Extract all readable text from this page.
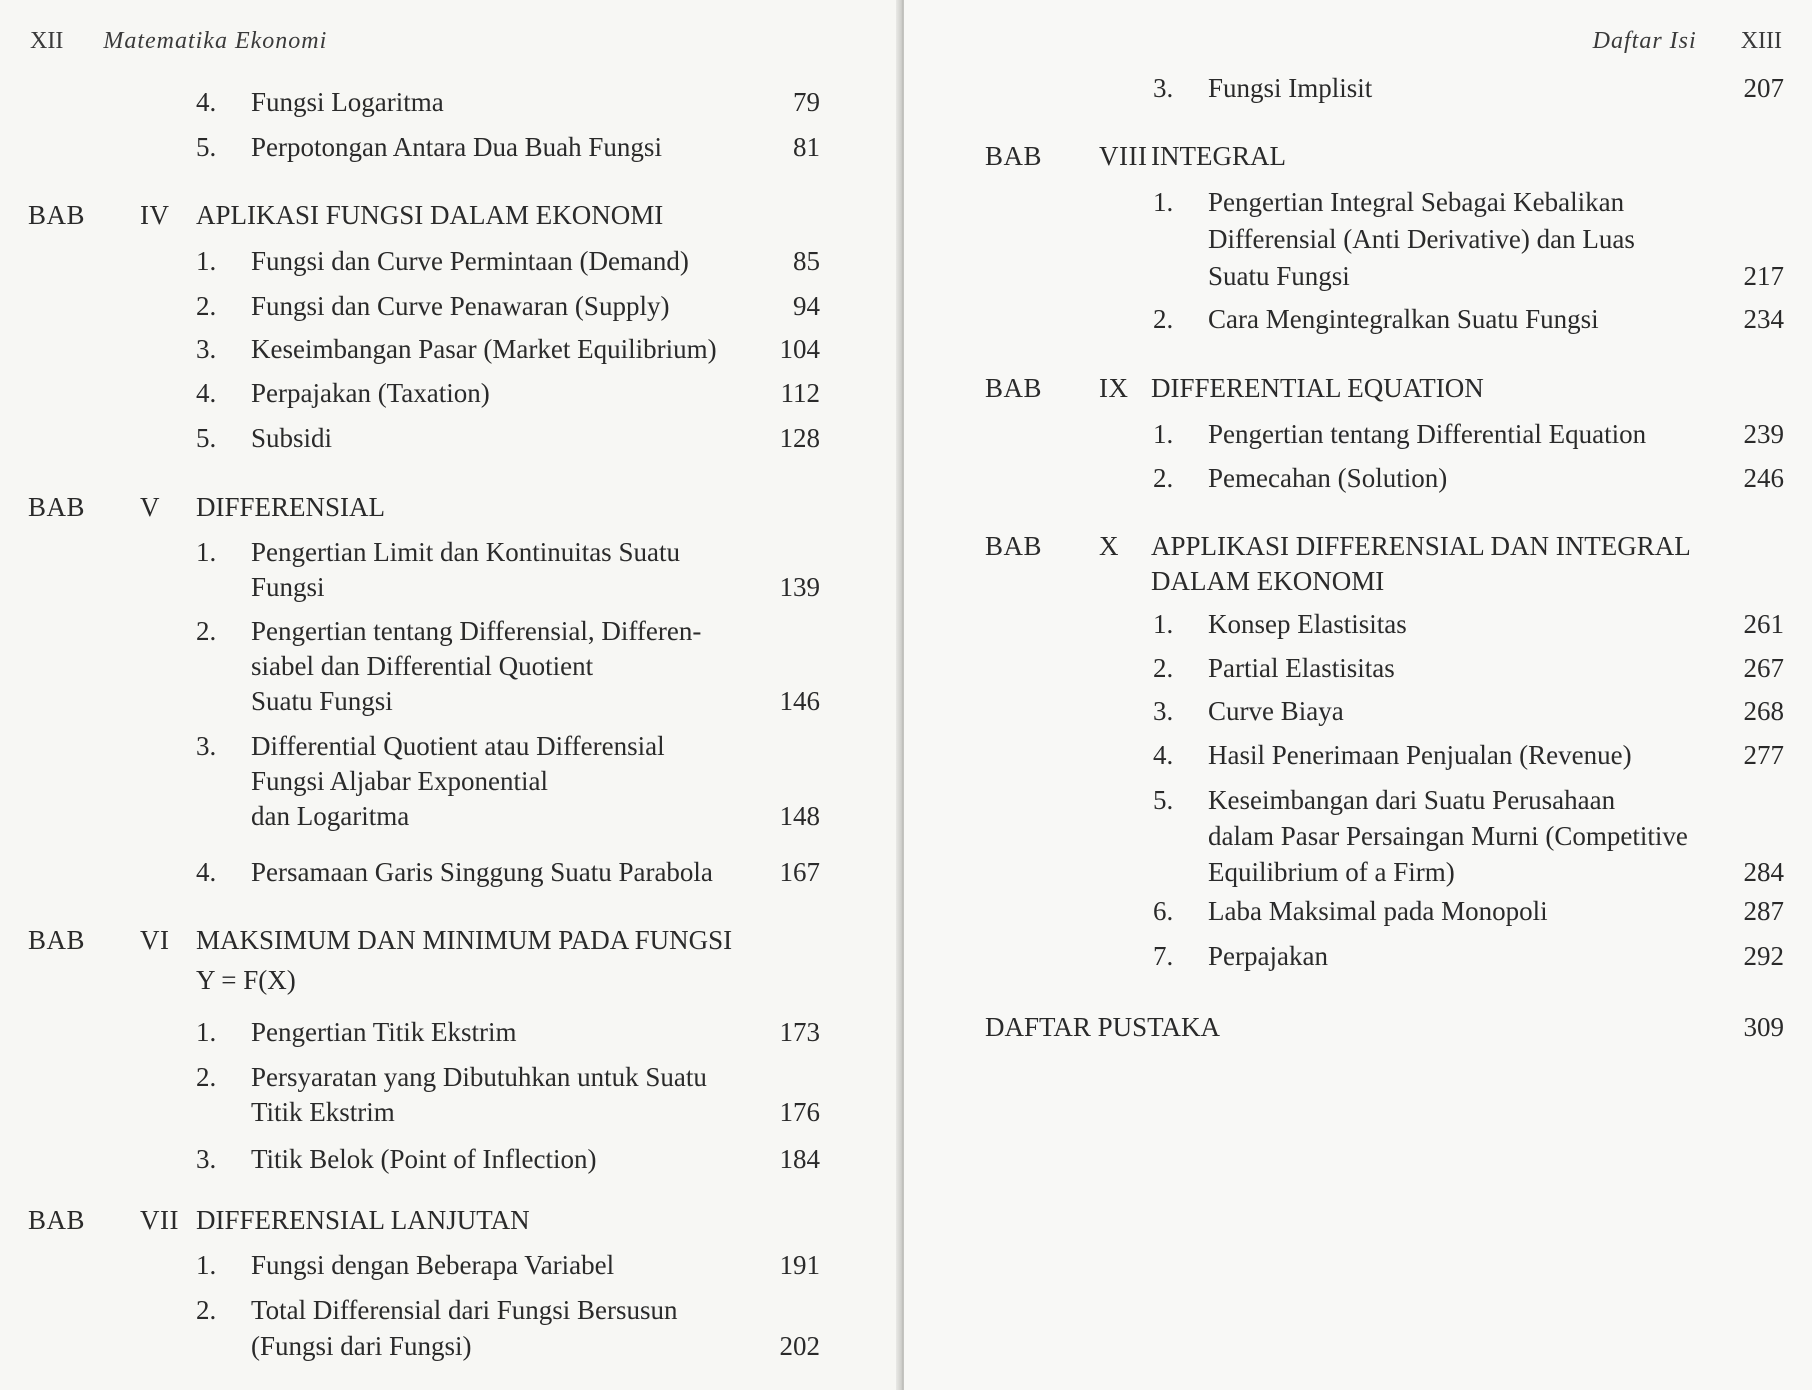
XII Matematika Ekonomi
4. Fungsi Logaritma	79
5. Perpotongan Antara Dua Buah Fungsi	81
BAB IV APLIKASI FUNGSI DALAM EKONOMI
1. Fungsi dan Curve Permintaan (Demand)	85
2. Fungsi dan Curve Penawaran (Supply)	94
3. Keseimbangan Pasar (Market Equilibrium)	104
4. Perpajakan (Taxation)	112
5. Subsidi	128
BAB V DIFFERENSIAL
1. Pengertian Limit dan Kontinuitas Suatu
Fungsi	139
2. Pengertian tentang Differensial, Differen-
siabel dan Differential Quotient
Suatu Fungsi	146
3. Differential Quotient atau Differensial
Fungsi Aljabar Exponential
dan Logaritma	148
4. Persamaan Garis Singgung Suatu Parabola	167
BAB VI MAKSIMUM DAN MINIMUM PADA FUNGSI
Y = F(X)
1. Pengertian Titik Ekstrim	173
2. Persyaratan yang Dibutuhkan untuk Suatu
Titik Ekstrim	176
3. Titik Belok (Point of Inflection)	184
BAB VII DIFFERENSIAL LANJUTAN
1. Fungsi dengan Beberapa Variabel	191
2. Total Differensial dari Fungsi Bersusun
(Fungsi dari Fungsi)	202
Daftar Isi XIII
3. Fungsi Implisit	207
BAB VIII INTEGRAL
1. Pengertian Integral Sebagai Kebalikan
Differensial (Anti Derivative) dan Luas
Suatu Fungsi	217
2. Cara Mengintegralkan Suatu Fungsi	234
BAB IX DIFFERENTIAL EQUATION
1. Pengertian tentang Differential Equation	239
2. Pemecahan (Solution)	246
BAB X APPLIKASI DIFFERENSIAL DAN INTEGRAL
DALAM EKONOMI
1. Konsep Elastisitas	261
2. Partial Elastisitas	267
3. Curve Biaya	268
4. Hasil Penerimaan Penjualan (Revenue)	277
5. Keseimbangan dari Suatu Perusahaan
dalam Pasar Persaingan Murni (Competitive
Equilibrium of a Firm)	284
6. Laba Maksimal pada Monopoli	287
7. Perpajakan	292
DAFTAR PUSTAKA	309
